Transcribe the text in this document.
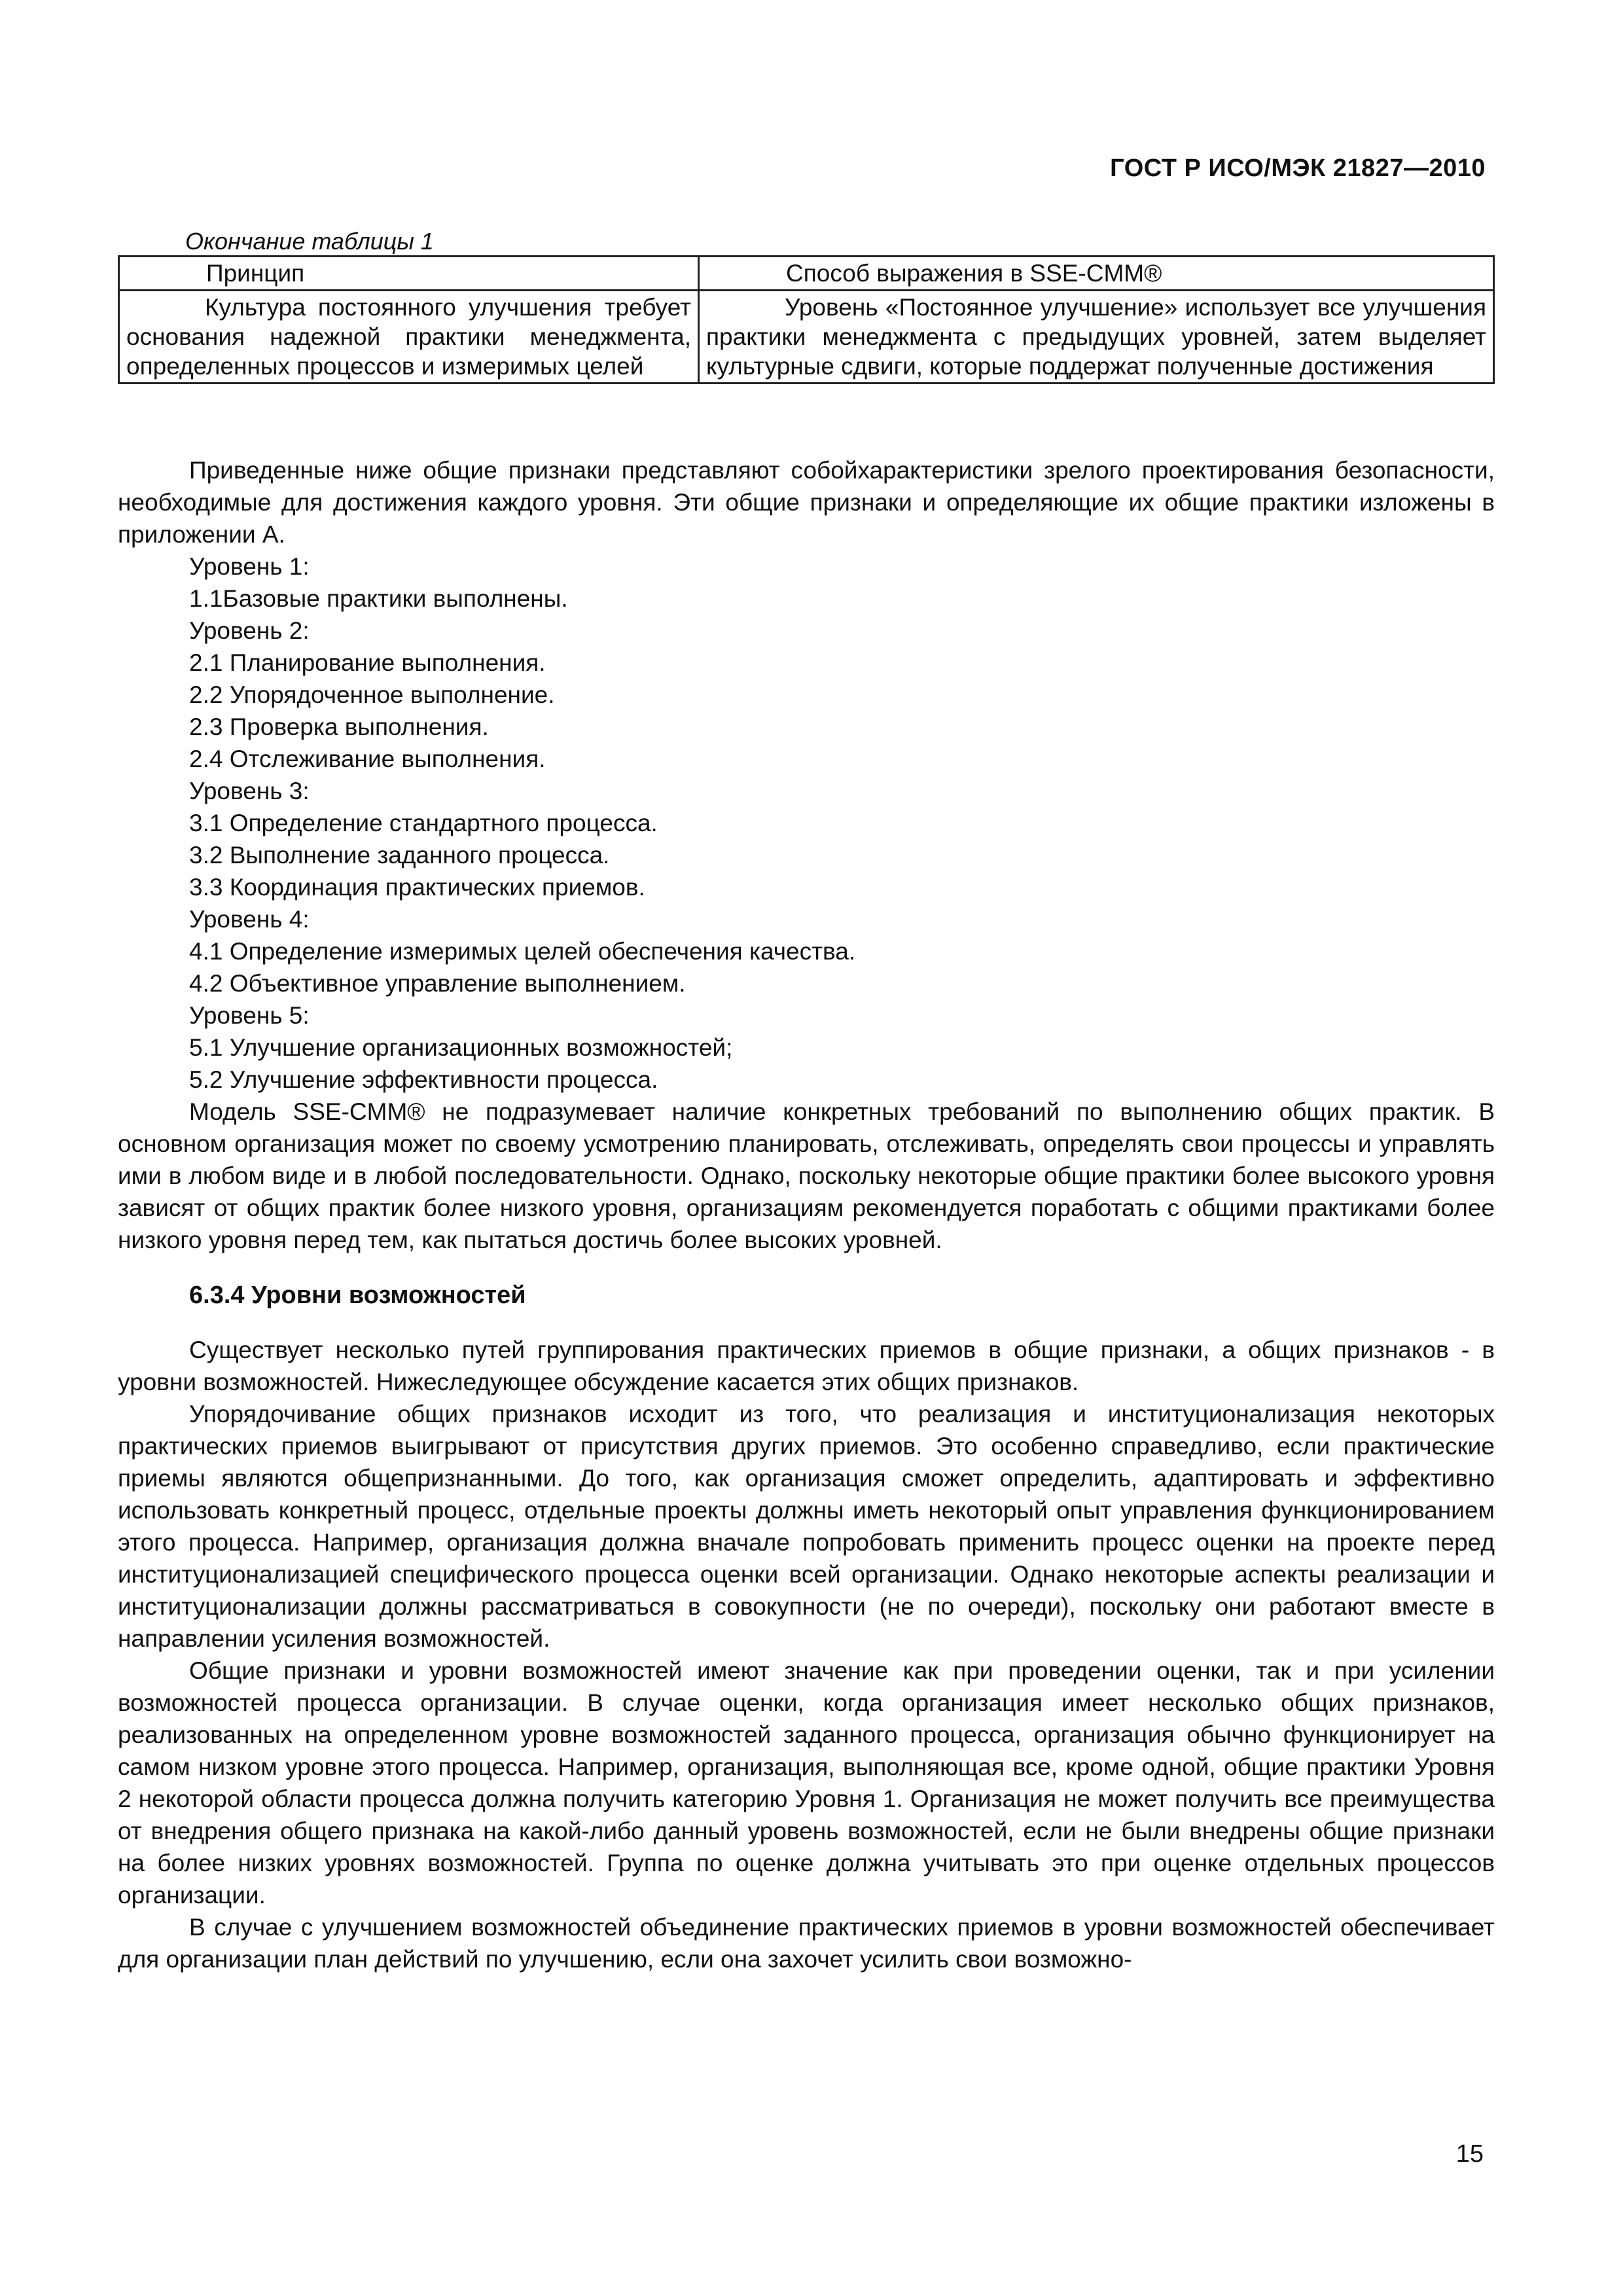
ГОСТ Р ИСО/МЭК 21827—2010
Окончание таблицы 1
Принцип	Способ выражения в SSE-CMM®

Культура постоянного улучшения требует основания надежной практики менеджмента, определенных процессов и измеримых целей	Уровень «Постоянное улучшение» использует все улучшения практики менеджмента с предыдущих уровней, затем выделяет культурные сдвиги, которые поддержат полученные достижения

Приведенные ниже общие признаки представляют собойхарактеристики зрелого проектирования безопасности, необходимые для достижения каждого уровня. Эти общие признаки и определяющие их общие практики изложены в приложении А.

Уровень 1:
1.1Базовые практики выполнены.
Уровень 2:
2.1 Планирование выполнения.
2.2 Упорядоченное выполнение.
2.3 Проверка выполнения.
2.4 Отслеживание выполнения.
Уровень 3:
3.1 Определение стандартного процесса.
3.2 Выполнение заданного процесса.
3.3 Координация практических приемов.
Уровень 4:
4.1 Определение измеримых целей обеспечения качества.
4.2 Объективное управление выполнением.
Уровень 5:
5.1 Улучшение организационных возможностей;
5.2 Улучшение эффективности процесса.

Модель SSE-CMM® не подразумевает наличие конкретных требований по выполнению общих практик. В основном организация может по своему усмотрению планировать, отслеживать, определять свои процессы и управлять ими в любом виде и в любой последовательности. Однако, поскольку некоторые общие практики более высокого уровня зависят от общих практик более низкого уровня, организациям рекомендуется поработать с общими практиками более низкого уровня перед тем, как пытаться достичь более высоких уровней.

6.3.4 Уровни возможностей

Существует несколько путей группирования практических приемов в общие признаки, а общих признаков - в уровни возможностей. Нижеследующее обсуждение касается этих общих признаков.

Упорядочивание общих признаков исходит из того, что реализация и институционализация некоторых практических приемов выигрывают от присутствия других приемов. Это особенно справедливо, если практические приемы являются общепризнанными. До того, как организация сможет определить, адаптировать и эффективно использовать конкретный процесс, отдельные проекты должны иметь некоторый опыт управления функционированием этого процесса. Например, организация должна вначале попробовать применить процесс оценки на проекте перед институционализацией специфического процесса оценки всей организации. Однако некоторые аспекты реализации и институционализации должны рассматриваться в совокупности (не по очереди), поскольку они работают вместе в направлении усиления возможностей.

Общие признаки и уровни возможностей имеют значение как при проведении оценки, так и при усилении возможностей процесса организации. В случае оценки, когда организация имеет несколько общих признаков, реализованных на определенном уровне возможностей заданного процесса, организация обычно функционирует на самом низком уровне этого процесса. Например, организация, выполняющая все, кроме одной, общие практики Уровня 2 некоторой области процесса должна получить категорию Уровня 1. Организация не может получить все преимущества от внедрения общего признака на какой-либо данный уровень возможностей, если не были внедрены общие признаки на более низких уровнях возможностей. Группа по оценке должна учитывать это при оценке отдельных процессов организации.

В случае с улучшением возможностей объединение практических приемов в уровни возможностей обеспечивает для организации план действий по улучшению, если она захочет усилить свои возможно-

15
